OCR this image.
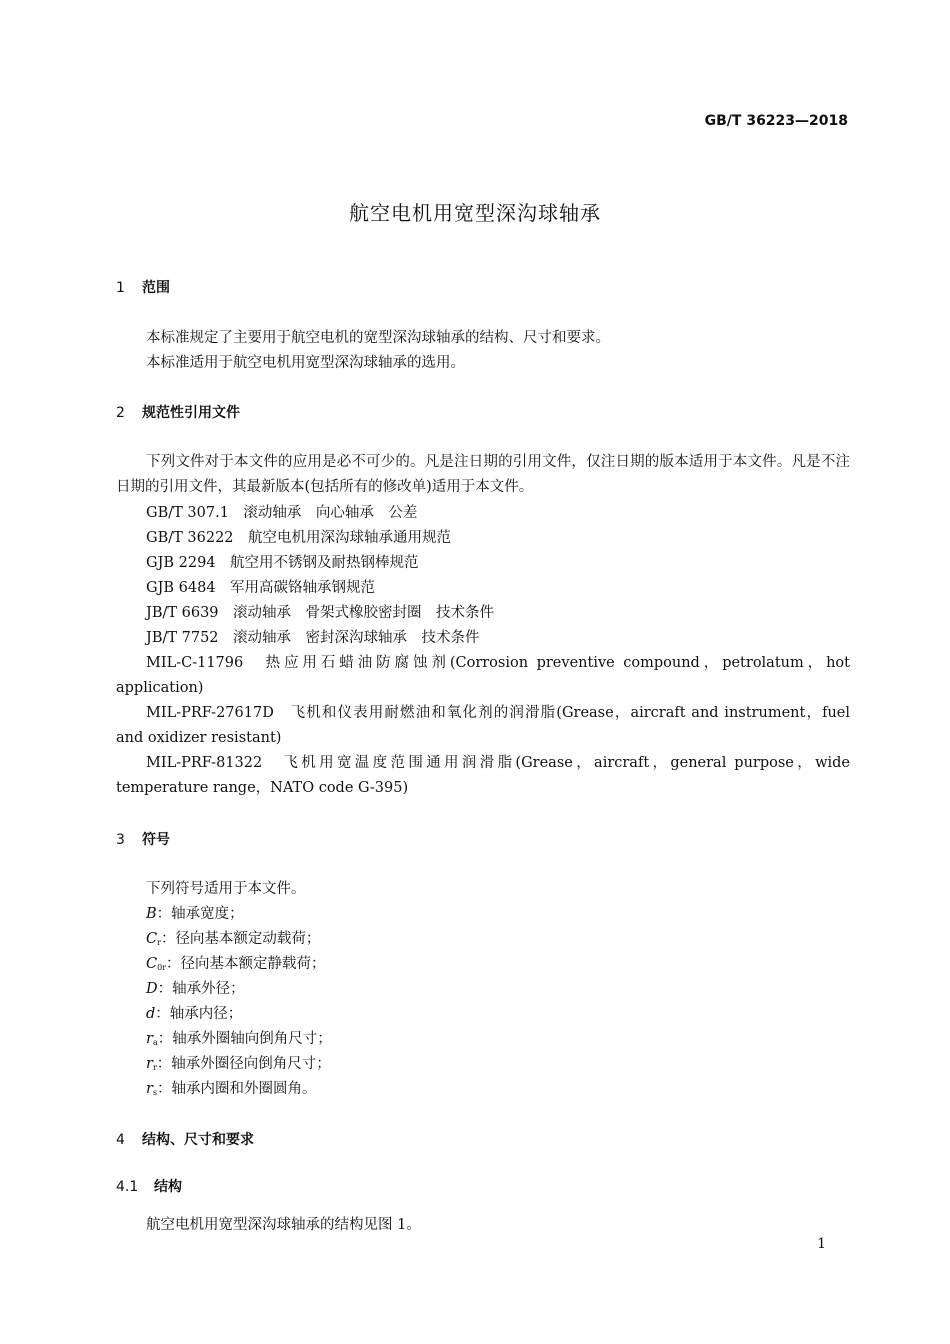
GB/T 36223—2018
航空电机用宽型深沟球轴承
1 范围
本标准规定了主要用于航空电机的宽型深沟球轴承的结构、尺寸和要求。
本标准适用于航空电机用宽型深沟球轴承的选用。
2 规范性引用文件
下列文件对于本文件的应用是必不可少的。凡是注日期的引用文件，仅注日期的版本适用于本文件。凡是不注日期的引用文件，其最新版本(包括所有的修改单)适用于本文件。
GB/T 307.1　滚动轴承　向心轴承　公差
GB/T 36222　航空电机用深沟球轴承通用规范
GJB 2294　航空用不锈钢及耐热钢棒规范
GJB 6484　军用高碳铬轴承钢规范
JB/T 6639　滚动轴承　骨架式橡胶密封圈　技术条件
JB/T 7752　滚动轴承　密封深沟球轴承　技术条件
MIL-C-11796　热应用石蜡油防腐蚀剂(Corrosion preventive compound，petrolatum，hot application)
MIL-PRF-27617D　飞机和仪表用耐燃油和氧化剂的润滑脂(Grease，aircraft and instrument，fuel and oxidizer resistant)
MIL-PRF-81322　飞机用宽温度范围通用润滑脂(Grease，aircraft，general purpose，wide temperature range，NATO code G-395)
3 符号
下列符号适用于本文件。
B：轴承宽度；
$C_r$：径向基本额定动载荷；
$C_{0r}$：径向基本额定静载荷；
D：轴承外径；
d：轴承内径；
$r_a$：轴承外圈轴向倒角尺寸；
$r_r$：轴承外圈径向倒角尺寸；
$r_s$：轴承内圈和外圈圆角。
4 结构、尺寸和要求
4.1 结构
航空电机用宽型深沟球轴承的结构见图 1。
1
